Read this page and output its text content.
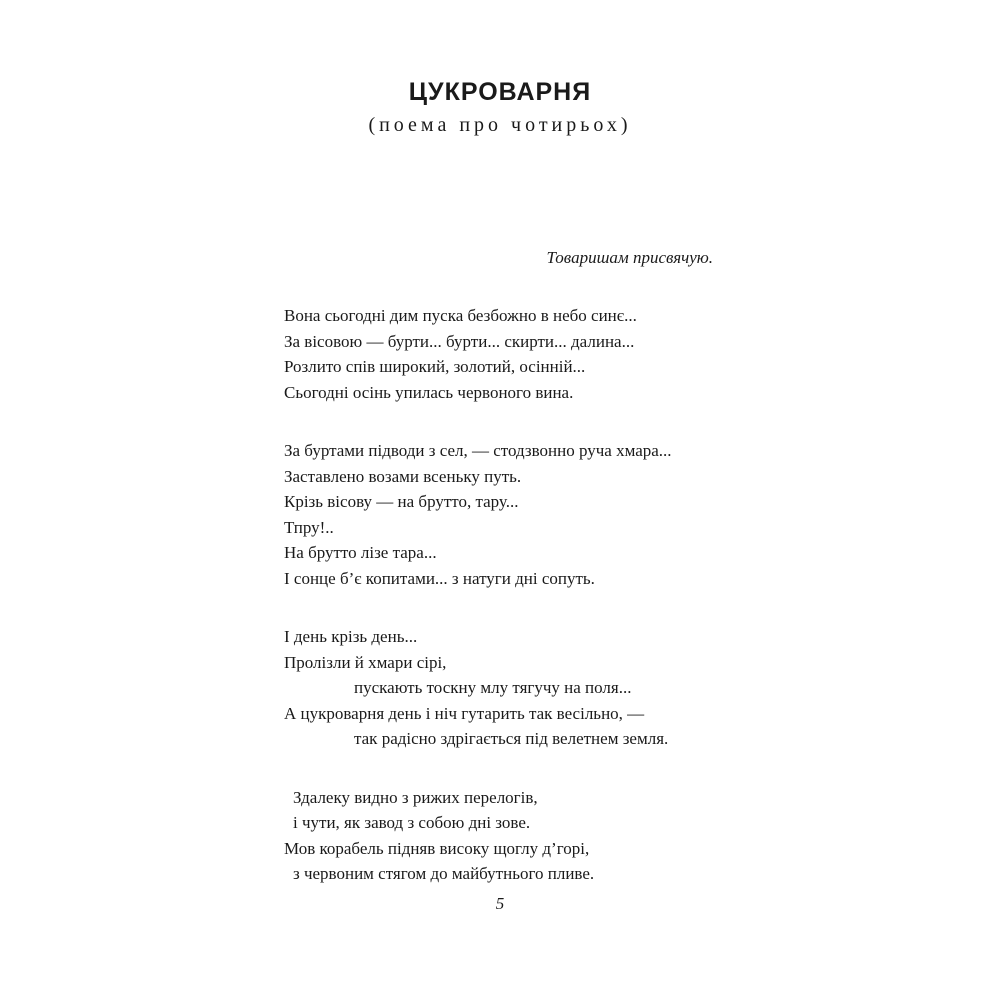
ЦУКРОВАРНЯ
(поема про чотирьох)
Товаришам присвячую.
Вона сьогодні дим пуска безбожно в небо синє...
За вісовою — бурти... бурти... скирти... далина...
Розлито спів широкий, золотий, осінній...
Сьогодні осінь упилась червоного вина.
За буртами підводи з сел, — стодзвонно руча хмара...
Заставлено возами всеньку путь.
Крізь вісову — на брутто, тару...
Тпру!..
На брутто лізе тара...
І сонце б’є копитами... з натуги дні сопуть.
І день крізь день...
Пролізли й хмари сірі,
пускають тоскну млу тягучу на поля...
А цукроварня день і ніч гутарить так весільно, —
так радісно здрігається під велетнем земля.
Здалеку видно з рижих перелогів,
і чути, як завод з собою дні зове.
Мов корабель підняв високу щоглу д’горі,
з червоним стягом до майбутнього пливе.
5
